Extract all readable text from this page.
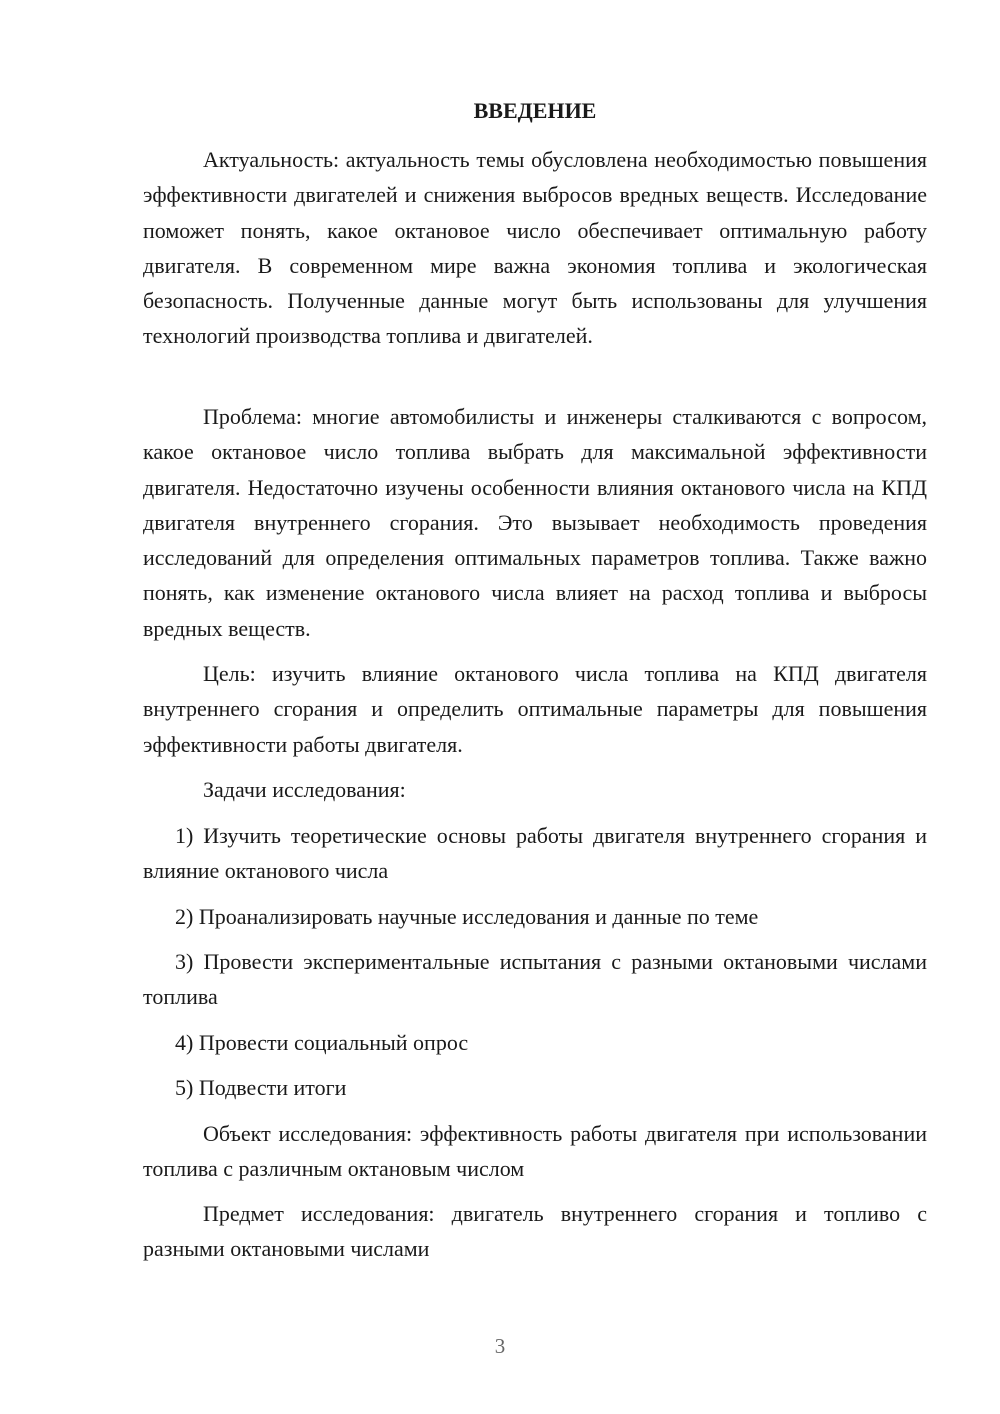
ВВЕДЕНИЕ

Актуальность: актуальность темы обусловлена необходимостью повышения эффективности двигателей и снижения выбросов вредных веществ. Исследование поможет понять, какое октановое число обеспечивает оптимальную работу двигателя. В современном мире важна экономия топлива и экологическая безопасность. Полученные данные могут быть использованы для улучшения технологий производства топлива и двигателей.

Проблема: многие автомобилисты и инженеры сталкиваются с вопросом, какое октановое число топлива выбрать для максимальной эффективности двигателя. Недостаточно изучены особенности влияния октанового числа на КПД двигателя внутреннего сгорания. Это вызывает необходимость проведения исследований для определения оптимальных параметров топлива. Также важно понять, как изменение октанового числа влияет на расход топлива и выбросы вредных веществ.

Цель: изучить влияние октанового числа топлива на КПД двигателя внутреннего сгорания и определить оптимальные параметры для повышения эффективности работы двигателя.

Задачи исследования:

1) Изучить теоретические основы работы двигателя внутреннего сгорания и влияние октанового числа

2) Проанализировать научные исследования и данные по теме

3) Провести экспериментальные испытания с разными октановыми числами топлива

4) Провести социальный опрос

5) Подвести итоги

Объект исследования: эффективность работы двигателя при использовании топлива с различным октановым числом

Предмет исследования: двигатель внутреннего сгорания и топливо с разными октановыми числами

3
